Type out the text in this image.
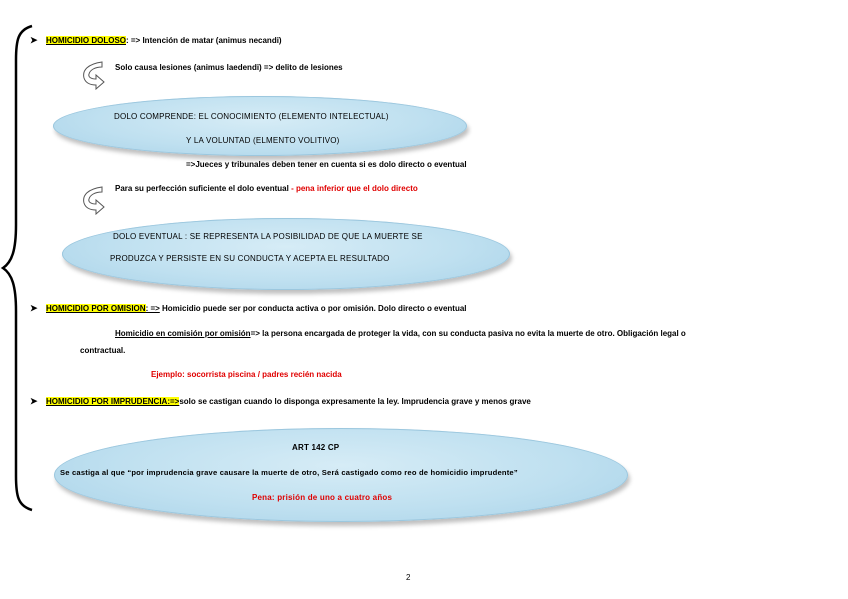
➤ HOMICIDIO DOLOSO: => Intención de matar (animus necandi)
Solo causa lesiones (animus laedendi) => delito de lesiones
DOLO COMPRENDE: EL CONOCIMIENTO (ELEMENTO INTELECTUAL)
Y LA VOLUNTAD (ELMENTO VOLITIVO)
=>Jueces y tribunales deben tener en cuenta si es dolo directo o eventual
Para su perfección suficiente el dolo eventual - pena inferior que el dolo directo
DOLO EVENTUAL : SE REPRESENTA LA POSIBILIDAD DE QUE LA MUERTE SE
PRODUZCA Y PERSISTE EN SU CONDUCTA Y ACEPTA EL RESULTADO
➤ HOMICIDIO POR OMISION: => Homicidio puede ser por conducta activa o por omisión. Dolo directo o eventual
Homicidio en comisión por omisión=> la persona encargada de proteger la vida, con su conducta pasiva no evita la muerte de otro. Obligación legal o
contractual.
Ejemplo: socorrista piscina / padres recién nacida
➤ HOMICIDIO POR IMPRUDENCIA:=>solo se castigan cuando lo disponga expresamente la ley. Imprudencia grave y menos grave
ART 142 CP
Se castiga al que “por imprudencia grave causare la muerte de otro, Será castigado como reo de homicidio imprudente”
Pena: prisión de uno a cuatro años
2
